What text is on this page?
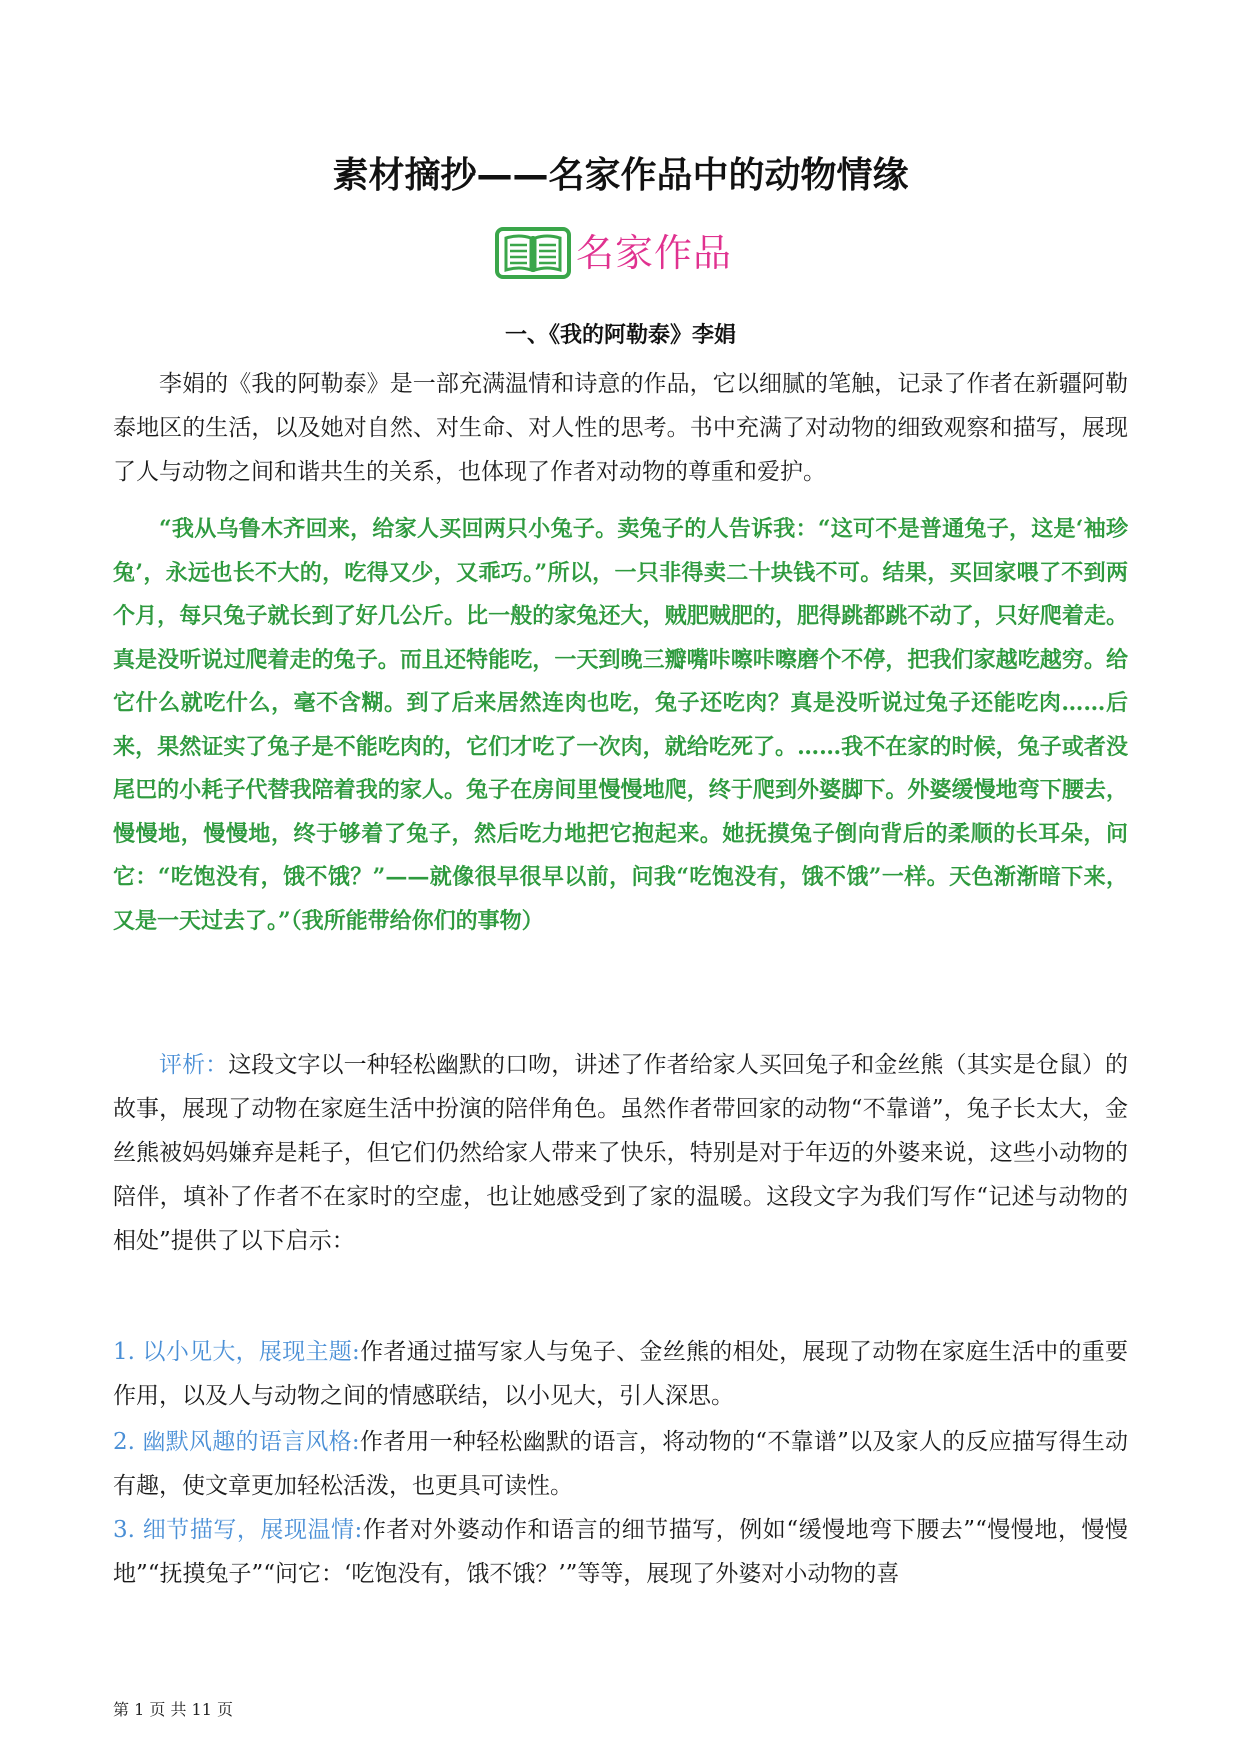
素材摘抄——名家作品中的动物情缘
名家作品
一、《我的阿勒泰》李娟

李娟的《我的阿勒泰》是一部充满温情和诗意的作品，它以细腻的笔触，记录了作者在新疆阿勒泰地区的生活，以及她对自然、对生命、对人性的思考。书中充满了对动物的细致观察和描写，展现了人与动物之间和谐共生的关系，也体现了作者对动物的尊重和爱护。

“我从乌鲁木齐回来，给家人买回两只小兔子。卖兔子的人告诉我：“这可不是普通兔子，这是‘袖珍兔’，永远也长不大的，吃得又少，又乖巧。”所以，一只非得卖二十块钱不可。结果，买回家喂了不到两个月，每只兔子就长到了好几公斤。比一般的家兔还大，贼肥贼肥的，肥得跳都跳不动了，只好爬着走。真是没听说过爬着走的兔子。而且还特能吃，一天到晚三瓣嘴咔嚓咔嚓磨个不停，把我们家越吃越穷。给它什么就吃什么，毫不含糊。到了后来居然连肉也吃，兔子还吃肉？真是没听说过兔子还能吃肉……后来，果然证实了兔子是不能吃肉的，它们才吃了一次肉，就给吃死了。……我不在家的时候，兔子或者没尾巴的小耗子代替我陪着我的家人。兔子在房间里慢慢地爬，终于爬到外婆脚下。外婆缓慢地弯下腰去，慢慢地，慢慢地，终于够着了兔子，然后吃力地把它抱起来。她抚摸兔子倒向背后的柔顺的长耳朵，问它：“吃饱没有，饿不饿？”——就像很早很早以前，问我“吃饱没有，饿不饿”一样。天色渐渐暗下来，又是一天过去了。”（我所能带给你们的事物）

评析：这段文字以一种轻松幽默的口吻，讲述了作者给家人买回兔子和金丝熊（其实是仓鼠）的故事，展现了动物在家庭生活中扮演的陪伴角色。虽然作者带回家的动物“不靠谱”，兔子长太大，金丝熊被妈妈嫌弃是耗子，但它们仍然给家人带来了快乐，特别是对于年迈的外婆来说，这些小动物的陪伴，填补了作者不在家时的空虚，也让她感受到了家的温暖。这段文字为我们写作“记述与动物的相处”提供了以下启示：

1. 以小见大，展现主题:作者通过描写家人与兔子、金丝熊的相处，展现了动物在家庭生活中的重要作用，以及人与动物之间的情感联结，以小见大，引人深思。

2. 幽默风趣的语言风格:作者用一种轻松幽默的语言，将动物的“不靠谱”以及家人的反应描写得生动有趣，使文章更加轻松活泼，也更具可读性。

3. 细节描写，展现温情:作者对外婆动作和语言的细节描写，例如“缓慢地弯下腰去”“慢慢地，慢慢地”“抚摸兔子”“问它：‘吃饱没有，饿不饿？’”等等，展现了外婆对小动物的喜

第 1 页 共 11 页
